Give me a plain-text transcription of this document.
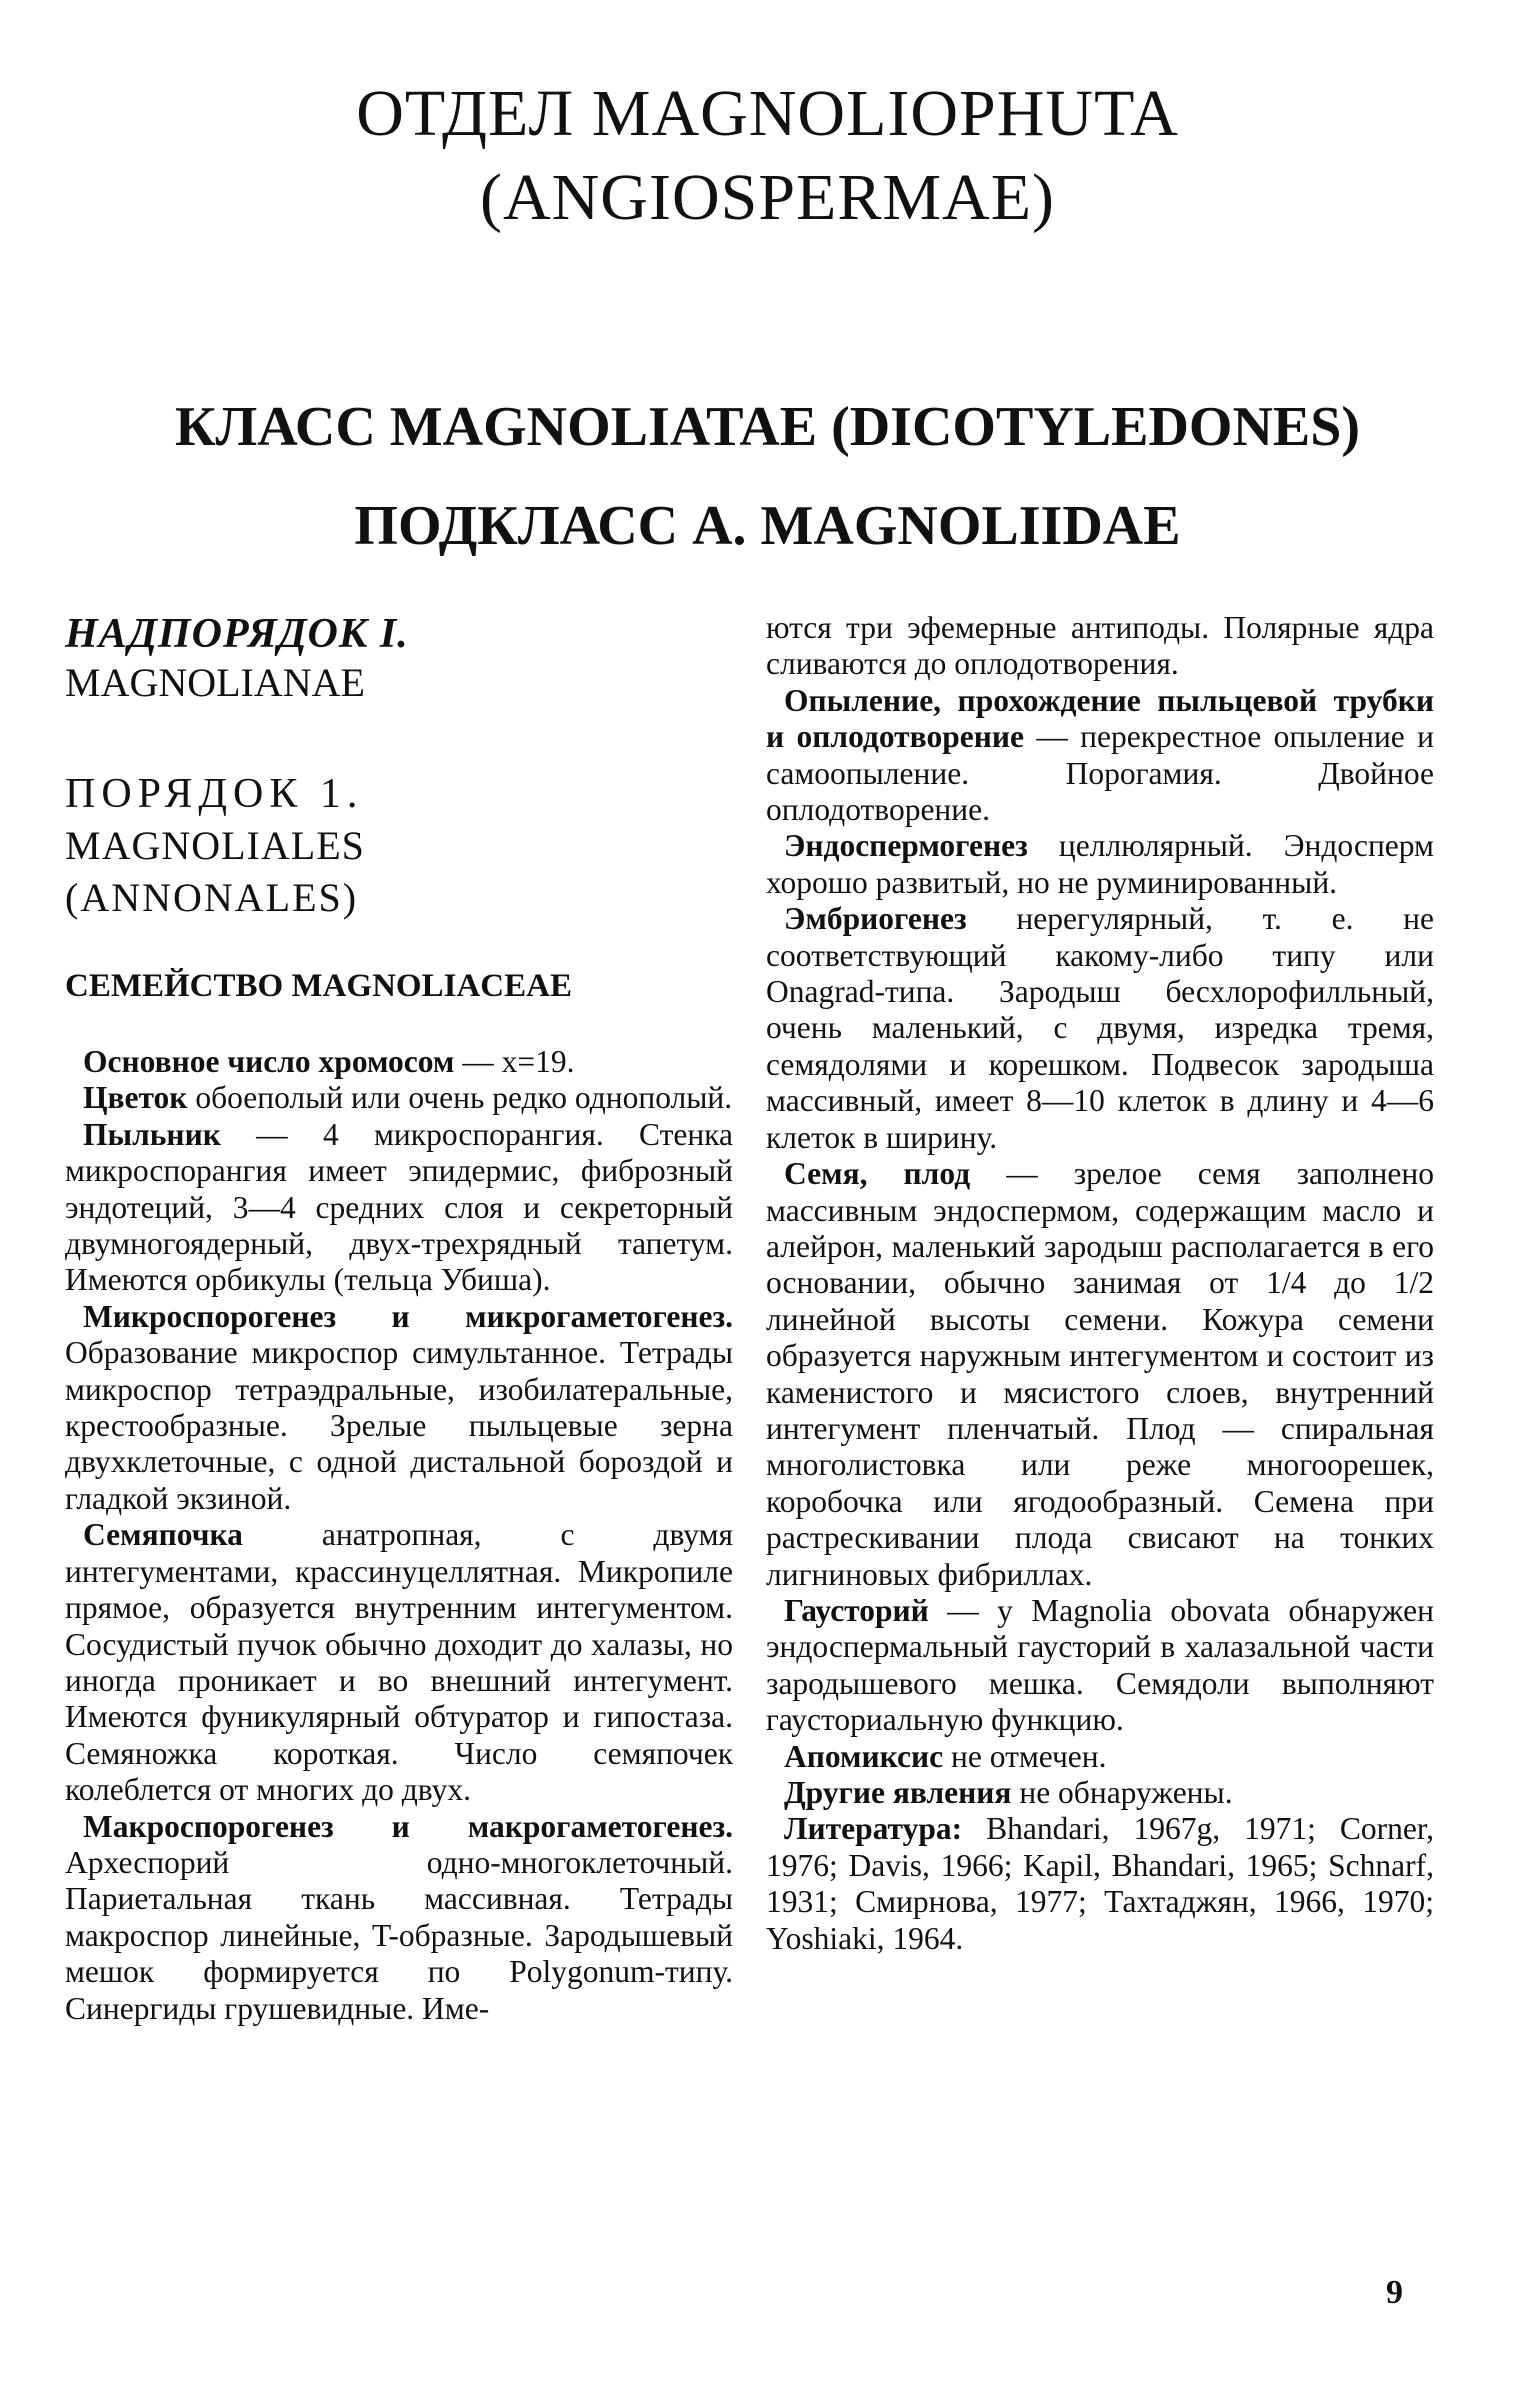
ОТДЕЛ MAGNOLIOPHUTA
(ANGIOSPERMAE)
КЛАСС MAGNOLIATAE (DICOTYLEDONES)
ПОДКЛАСС A. MAGNOLIIDAE
НАДПОРЯДОК I.
MAGNOLIANAE
ПОРЯДОК 1.
MAGNOLIALES
(ANNONALES)
СЕМЕЙСТВО MAGNOLIACEAE

Основное число хромосом — x=19.

Цветок обоеполый или очень редко однополый.

Пыльник — 4 микроспорангия. Стенка микроспорангия имеет эпидермис, фиброзный эндотеций, 3—4 средних слоя и секреторный двумногоядерный, двух-трехрядный тапетум. Имеются орбикулы (тельца Убиша).

Микроспорогенез и микрогаметогенез. Образование микроспор симультанное. Тетрады микроспор тетраэдральные, изобилатеральные, крестообразные. Зрелые пыльцевые зерна двухклеточные, с одной дистальной бороздой и гладкой экзиной.

Семяпочка анатропная, с двумя интегументами, крассинуцеллятная. Микропиле прямое, образуется внутренним интегументом. Сосудистый пучок обычно доходит до халазы, но иногда проникает и во внешний интегумент. Имеются фуникулярный обтуратор и гипостаза. Семяножка короткая. Число семяпочек колеблется от многих до двух.

Макроспорогенез и макрогаметогенез. Археспорий одно-многоклеточный. Париетальная ткань массивная. Тетрады макроспор линейные, T-образные. Зародышевый мешок формируется по Polygonum-типу. Синергиды грушевидные. Име-

ются три эфемерные антиподы. Полярные ядра сливаются до оплодотворения.

Опыление, прохождение пыльцевой трубки и оплодотворение — перекрестное опыление и самоопыление. Порогамия. Двойное оплодотворение.

Эндоспермогенез целлюлярный. Эндосперм хорошо развитый, но не руминированный.

Эмбриогенез нерегулярный, т. е. не соответствующий какому-либо типу или Onagrad-типа. Зародыш бесхлорофилльный, очень маленький, с двумя, изредка тремя, семядолями и корешком. Подвесок зародыша массивный, имеет 8—10 клеток в длину и 4—6 клеток в ширину.

Семя, плод — зрелое семя заполнено массивным эндоспермом, содержащим масло и алейрон, маленький зародыш располагается в его основании, обычно занимая от 1/4 до 1/2 линейной высоты семени. Кожура семени образуется наружным интегументом и состоит из каменистого и мясистого слоев, внутренний интегумент пленчатый. Плод — спиральная многолистовка или реже многоорешек, коробочка или ягодообразный. Семена при растрескивании плода свисают на тонких лигниновых фибриллах.

Гаусторий — у Magnolia obovata обнаружен эндоспермальный гаусторий в халазальной части зародышевого мешка. Семядоли выполняют гаусториальную функцию.

Апомиксис не отмечен.

Другие явления не обнаружены.

Литература: Bhandari, 1967g, 1971; Corner, 1976; Davis, 1966; Kapil, Bhandari, 1965; Schnarf, 1931; Смирнова, 1977; Тахтаджян, 1966, 1970; Yoshiaki, 1964.

9
